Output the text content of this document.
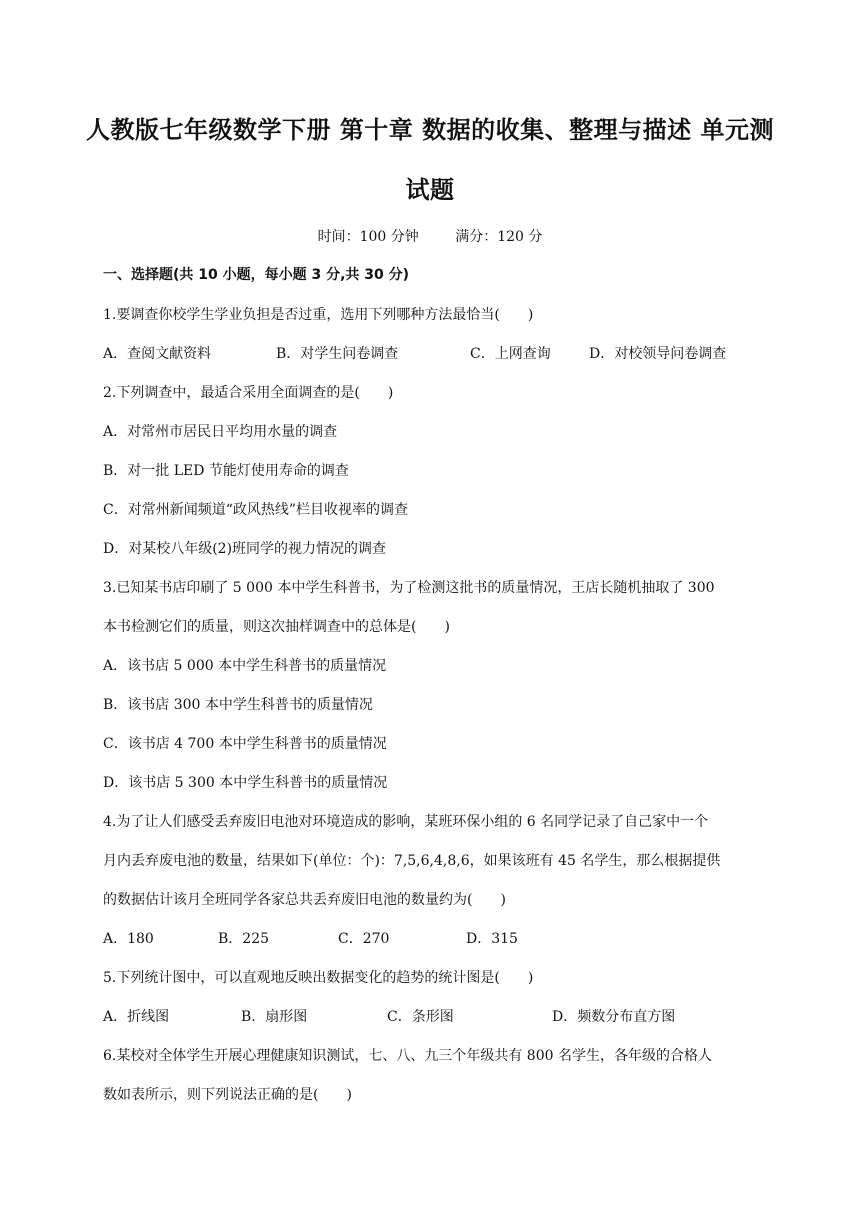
人教版七年级数学下册 第十章 数据的收集、整理与描述 单元测
试题
时间：100 分钟	满分：120 分
一、选择题(共 10 小题，每小题 3 分,共 30 分)
1.要调查你校学生学业负担是否过重，选用下列哪种方法最恰当(　　)
A．查阅文献资料	B．对学生问卷调查	C．上网查询	D．对校领导问卷调查
2.下列调查中，最适合采用全面调查的是(　　)
A．对常州市居民日平均用水量的调查
B．对一批 LED 节能灯使用寿命的调查
C．对常州新闻频道“政风热线”栏目收视率的调查
D．对某校八年级(2)班同学的视力情况的调查
3.已知某书店印刷了 5 000 本中学生科普书，为了检测这批书的质量情况，王店长随机抽取了 300
本书检测它们的质量，则这次抽样调查中的总体是(　　)
A．该书店 5 000 本中学生科普书的质量情况
B．该书店 300 本中学生科普书的质量情况
C．该书店 4 700 本中学生科普书的质量情况
D．该书店 5 300 本中学生科普书的质量情况
4.为了让人们感受丢弃废旧电池对环境造成的影响，某班环保小组的 6 名同学记录了自己家中一个
月内丢弃废电池的数量，结果如下(单位：个)：7,5,6,4,8,6，如果该班有 45 名学生，那么根据提供
的数据估计该月全班同学各家总共丢弃废旧电池的数量约为(　　)
A．180	B．225	C．270	D．315
5.下列统计图中，可以直观地反映出数据变化的趋势的统计图是(　　)
A．折线图	B．扇形图	C．条形图	D．频数分布直方图
6.某校对全体学生开展心理健康知识测试，七、八、九三个年级共有 800 名学生，各年级的合格人
数如表所示，则下列说法正确的是(　　)
